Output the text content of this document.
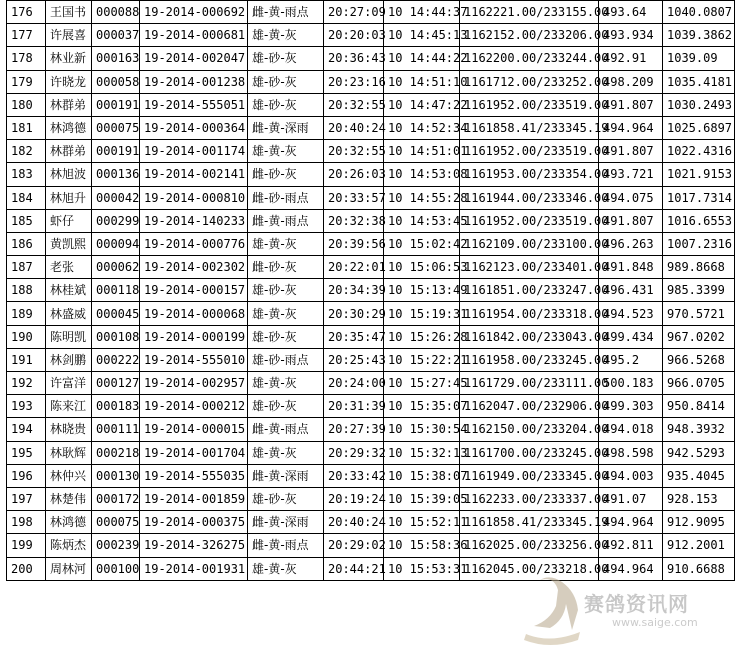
176	王国书	000088	19-2014-000692	雌-黄-雨点	20:27:09	10 14:44:37	1162221.00/233155.00	493.64	1040.0807
177	许展喜	000037	19-2014-000681	雄-黄-灰	20:20:03	10 14:45:13	1162152.00/233206.00	493.934	1039.3862
178	林业新	000163	19-2014-002047	雄-砂-灰	20:36:43	10 14:44:22	1162200.00/233244.00	492.91	1039.09
179	许晓龙	000058	19-2014-001238	雄-砂-灰	20:23:16	10 14:51:10	1161712.00/233252.00	498.209	1035.4181
180	林群弟	000191	19-2014-555051	雄-砂-灰	20:32:55	10 14:47:22	1161952.00/233519.00	491.807	1030.2493
181	林鸿德	000075	19-2014-000364	雌-黄-深雨	20:40:24	10 14:52:34	1161858.41/233345.19	494.964	1025.6897
182	林群弟	000191	19-2014-001174	雄-黄-灰	20:32:55	10 14:51:01	1161952.00/233519.00	491.807	1022.4316
183	林旭波	000136	19-2014-002141	雌-砂-灰	20:26:03	10 14:53:08	1161953.00/233354.00	493.721	1021.9153
184	林旭升	000042	19-2014-000810	雌-砂-雨点	20:33:57	10 14:55:28	1161944.00/233346.00	494.075	1017.7314
185	虾仔	000299	19-2014-140233	雌-黄-雨点	20:32:38	10 14:53:45	1161952.00/233519.00	491.807	1016.6553
186	黄凯熙	000094	19-2014-000776	雄-黄-灰	20:39:56	10 15:02:42	1162109.00/233100.00	496.263	1007.2316
187	老张	000062	19-2014-002302	雌-砂-灰	20:22:01	10 15:06:53	1162123.00/233401.00	491.848	989.8668
188	林桂斌	000118	19-2014-000157	雄-砂-灰	20:34:39	10 15:13:49	1161851.00/233247.00	496.431	985.3399
189	林盛威	000045	19-2014-000068	雄-黄-灰	20:30:29	10 15:19:31	1161954.00/233318.00	494.523	970.5721
190	陈明凯	000108	19-2014-000199	雄-砂-灰	20:35:47	10 15:26:28	1161842.00/233043.00	499.434	967.0202
191	林剑鹏	000222	19-2014-555010	雄-砂-雨点	20:25:43	10 15:22:21	1161958.00/233245.00	495.2	966.5268
192	许富洋	000127	19-2014-002957	雄-黄-灰	20:24:00	10 15:27:45	1161729.00/233111.00	500.183	966.0705
193	陈来江	000183	19-2014-000212	雄-砂-灰	20:31:39	10 15:35:07	1162047.00/232906.00	499.303	950.8414
194	林晓贵	000111	19-2014-000015	雌-黄-雨点	20:27:39	10 15:30:54	1162150.00/233204.00	494.018	948.3932
195	林耿辉	000218	19-2014-001704	雄-黄-灰	20:29:32	10 15:32:13	1161700.00/233245.00	498.598	942.5293
196	林仲兴	000130	19-2014-555035	雌-黄-深雨	20:33:42	10 15:38:07	1161949.00/233345.00	494.003	935.4045
197	林楚伟	000172	19-2014-001859	雄-砂-灰	20:19:24	10 15:39:05	1162233.00/233337.00	491.07	928.153
198	林鸿德	000075	19-2014-000375	雌-黄-深雨	20:40:24	10 15:52:11	1161858.41/233345.19	494.964	912.9095
199	陈炳杰	000239	19-2014-326275	雌-黄-雨点	20:29:02	10 15:58:36	1162025.00/233256.00	492.811	912.2001
200	周林河	000100	19-2014-001931	雄-黄-灰	20:44:21	10 15:53:31	1162045.00/233218.00	494.964	910.6688
赛鸽资讯网
www.saige.com
